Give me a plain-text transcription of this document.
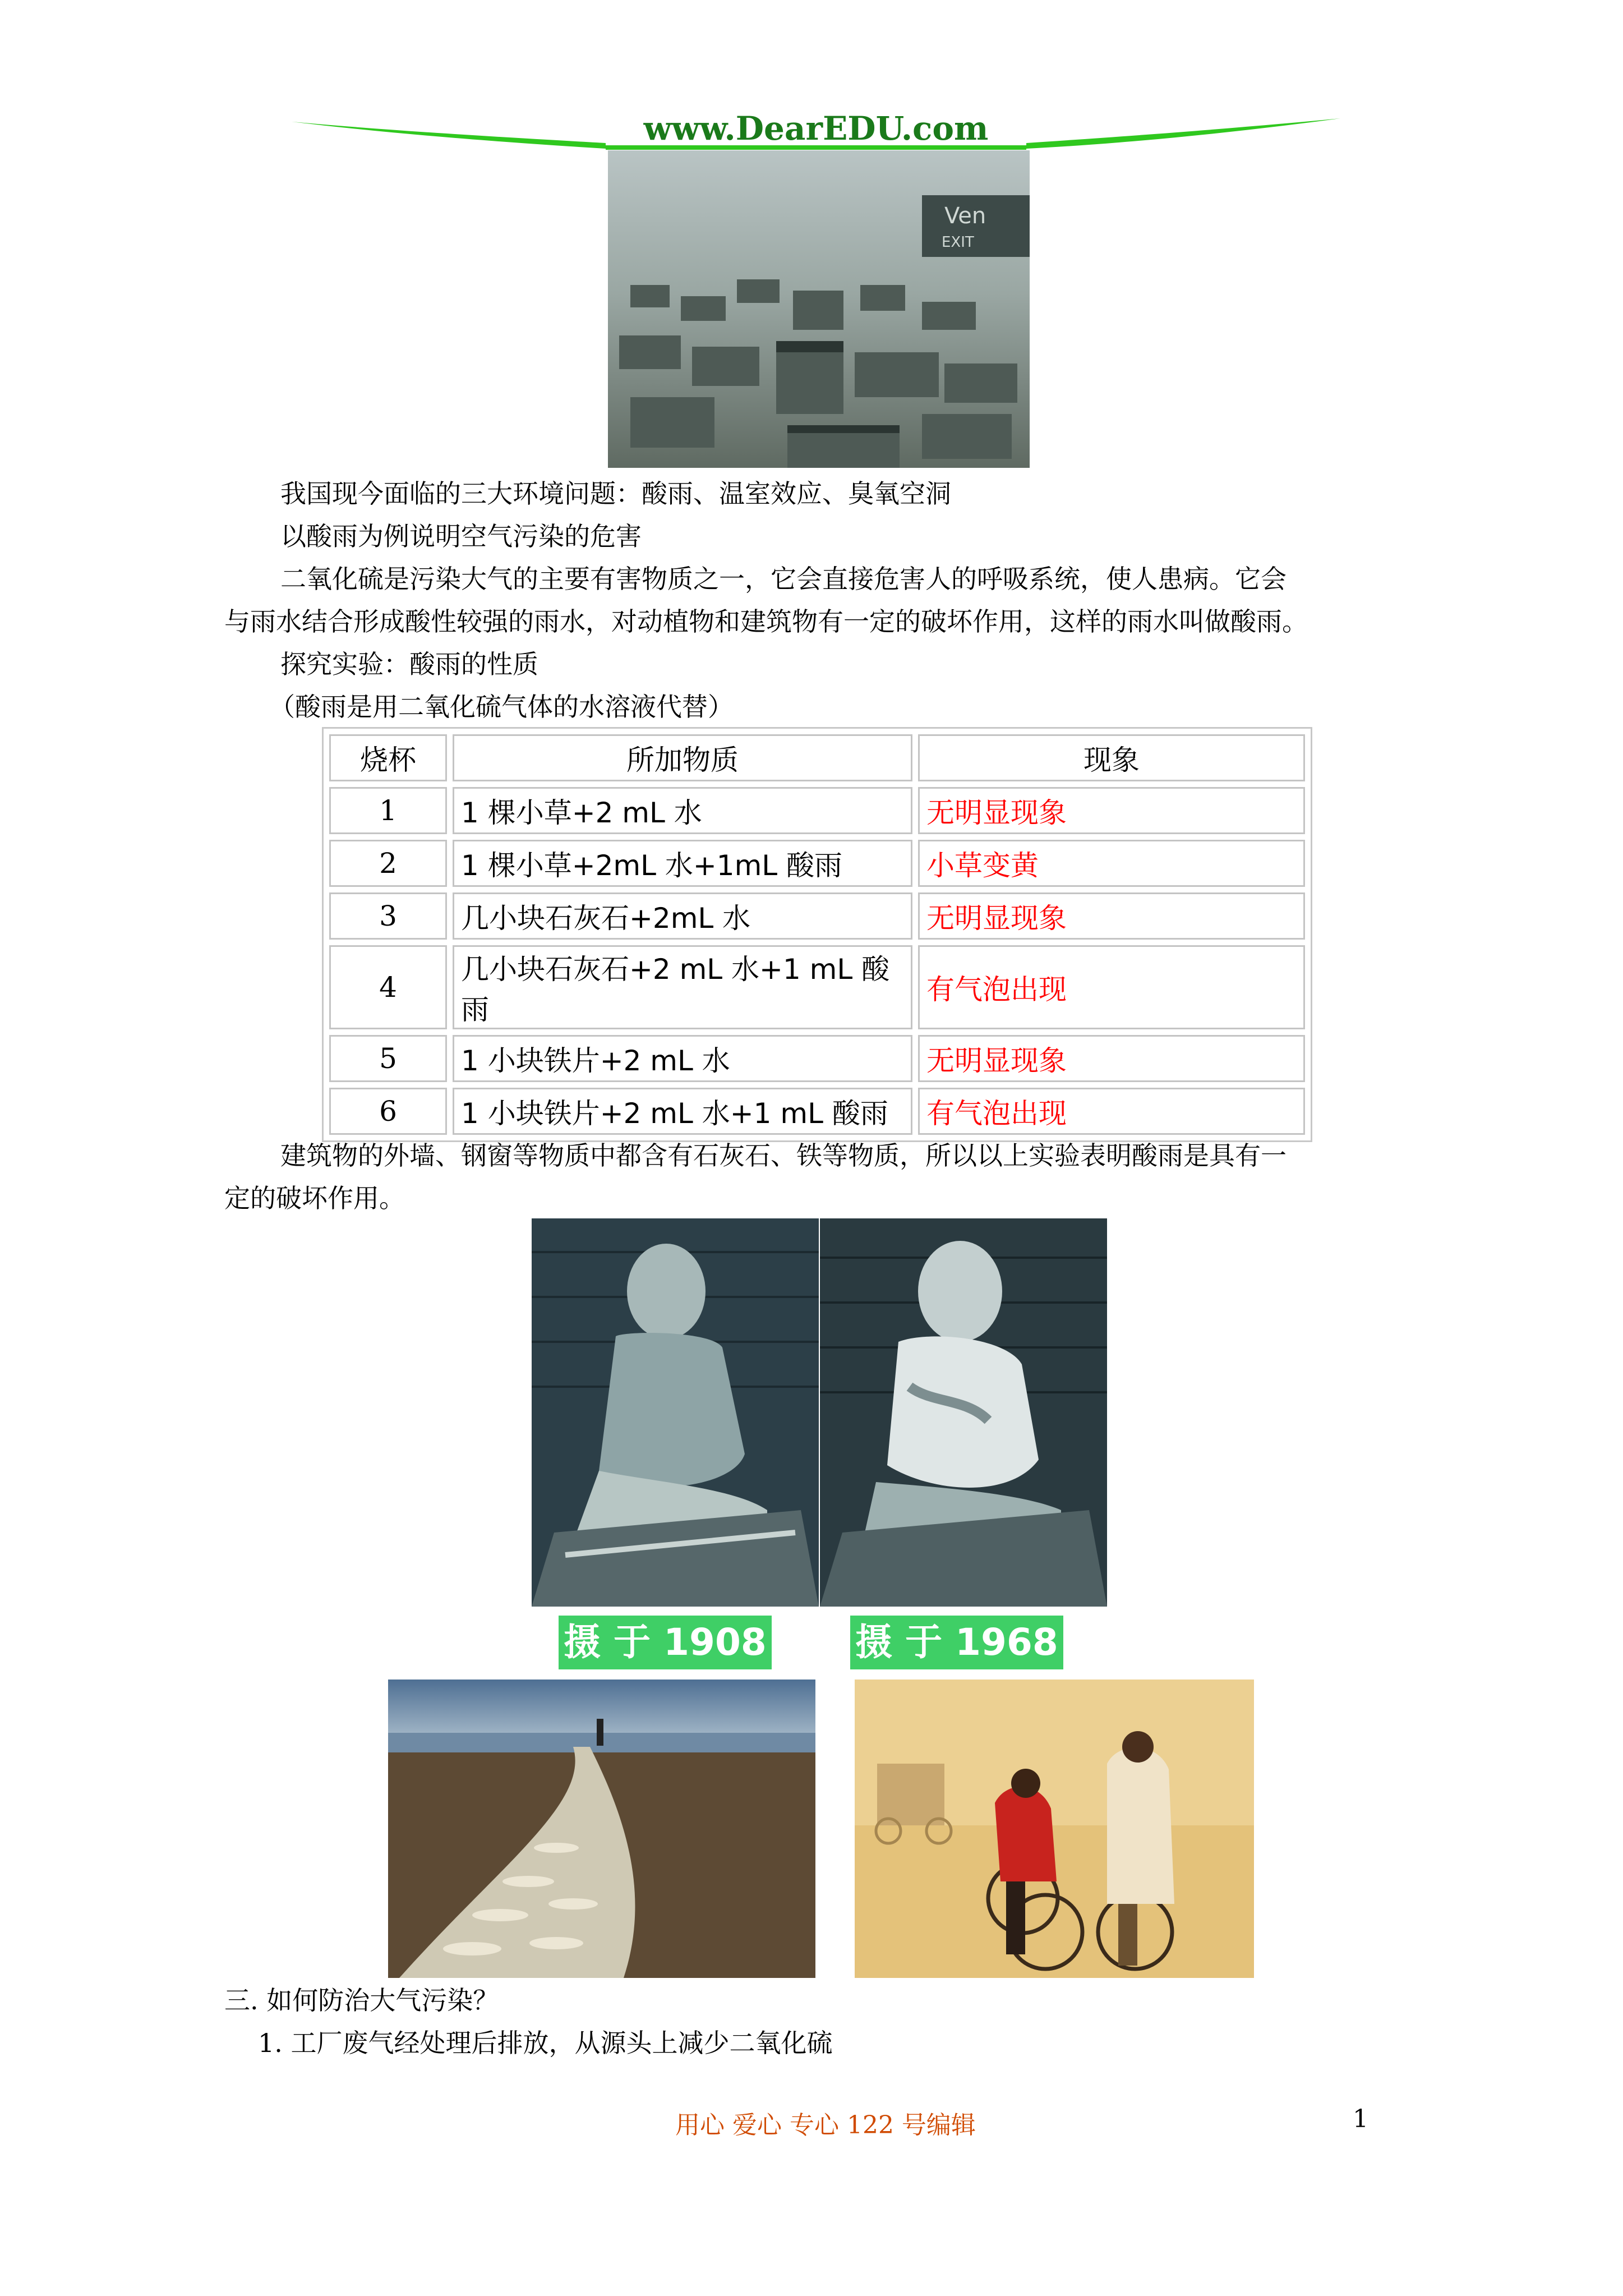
www.DearEDU.com
Ven
EXIT
我国现今面临的三大环境问题：酸雨、温室效应、臭氧空洞
以酸雨为例说明空气污染的危害
二氧化硫是污染大气的主要有害物质之一，它会直接危害人的呼吸系统，使人患病。它会
与雨水结合形成酸性较强的雨水，对动植物和建筑物有一定的破坏作用，这样的雨水叫做酸雨。
探究实验：酸雨的性质
（酸雨是用二氧化硫气体的水溶液代替）
烧杯	所加物质	现象
1	1 棵小草+2 mL 水	无明显现象
2	1 棵小草+2mL 水+1mL 酸雨	小草变黄
3	几小块石灰石+2mL 水	无明显现象
4	几小块石灰石+2 mL 水+1 mL 酸雨	有气泡出现
5	1 小块铁片+2 mL 水	无明显现象
6	1 小块铁片+2 mL 水+1 mL 酸雨	有气泡出现
建筑物的外墙、钢窗等物质中都含有石灰石、铁等物质，所以以上实验表明酸雨是具有一
定的破坏作用。
摄 于 1908 摄 于 1968
三. 如何防治大气污染？
1. 工厂废气经处理后排放，从源头上减少二氧化硫
用心 爱心 专心 122 号编辑	1
